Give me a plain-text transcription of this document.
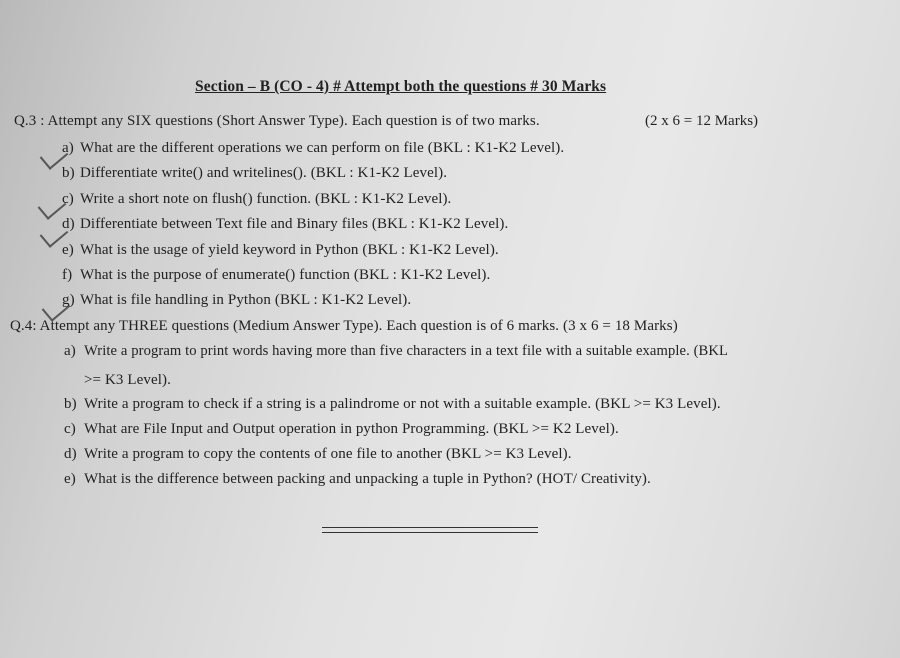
Section – B (CO - 4) # Attempt both the questions # 30 Marks
Q.3 : Attempt any SIX questions (Short Answer Type). Each question is of two marks.	(2 x 6 = 12 Marks)
a) What are the different operations we can perform on file (BKL : K1-K2 Level).
b) Differentiate write() and writelines(). (BKL : K1-K2 Level).
c) Write a short note on flush() function. (BKL : K1-K2 Level).
d) Differentiate between Text file and Binary files (BKL : K1-K2 Level).
e) What is the usage of yield keyword in Python (BKL : K1-K2 Level).
f) What is the purpose of enumerate() function (BKL : K1-K2 Level).
g) What is file handling in Python (BKL : K1-K2 Level).
Q.4: Attempt any THREE questions (Medium Answer Type). Each question is of 6 marks. (3 x 6 = 18 Marks)
a) Write a program to print words having more than five characters in a text file with a suitable example. (BKL
>= K3 Level).
b) Write a program to check if a string is a palindrome or not with a suitable example. (BKL >= K3 Level).
c) What are File Input and Output operation in python Programming. (BKL >= K2 Level).
d) Write a program to copy the contents of one file to another (BKL >= K3 Level).
e) What is the difference between packing and unpacking a tuple in Python? (HOT/ Creativity).
